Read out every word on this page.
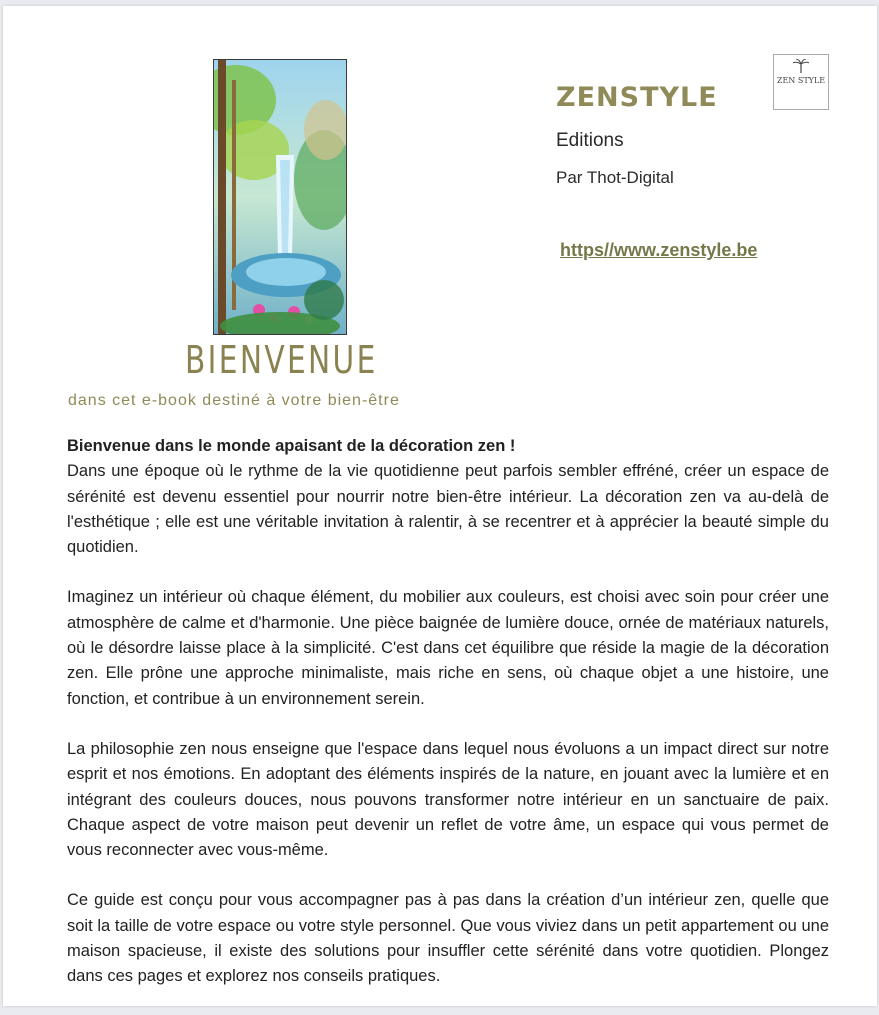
ZENSTYLE

Editions

Par Thot-Digital

ZEN STYLE
https//www.zenstyle.be
BIENVENUE

dans cet e-book destiné à votre bien-être

Bienvenue dans le monde apaisant de la décoration zen !

Dans une époque où le rythme de la vie quotidienne peut parfois sembler effréné, créer un espace de sérénité est devenu essentiel pour nourrir notre bien-être intérieur. La décoration zen va au-delà de l'esthétique ; elle est une véritable invitation à ralentir, à se recentrer et à apprécier la beauté simple du quotidien.

Imaginez un intérieur où chaque élément, du mobilier aux couleurs, est choisi avec soin pour créer une atmosphère de calme et d'harmonie. Une pièce baignée de lumière douce, ornée de matériaux naturels, où le désordre laisse place à la simplicité. C'est dans cet équilibre que réside la magie de la décoration zen. Elle prône une approche minimaliste, mais riche en sens, où chaque objet a une histoire, une fonction, et contribue à un environnement serein.

La philosophie zen nous enseigne que l'espace dans lequel nous évoluons a un impact direct sur notre esprit et nos émotions. En adoptant des éléments inspirés de la nature, en jouant avec la lumière et en intégrant des couleurs douces, nous pouvons transformer notre intérieur en un sanctuaire de paix. Chaque aspect de votre maison peut devenir un reflet de votre âme, un espace qui vous permet de vous reconnecter avec vous-même.

Ce guide est conçu pour vous accompagner pas à pas dans la création d’un intérieur zen, quelle que soit la taille de votre espace ou votre style personnel. Que vous viviez dans un petit appartement ou une maison spacieuse, il existe des solutions pour insuffler cette sérénité dans votre quotidien. Plongez dans ces pages et explorez nos conseils pratiques.
